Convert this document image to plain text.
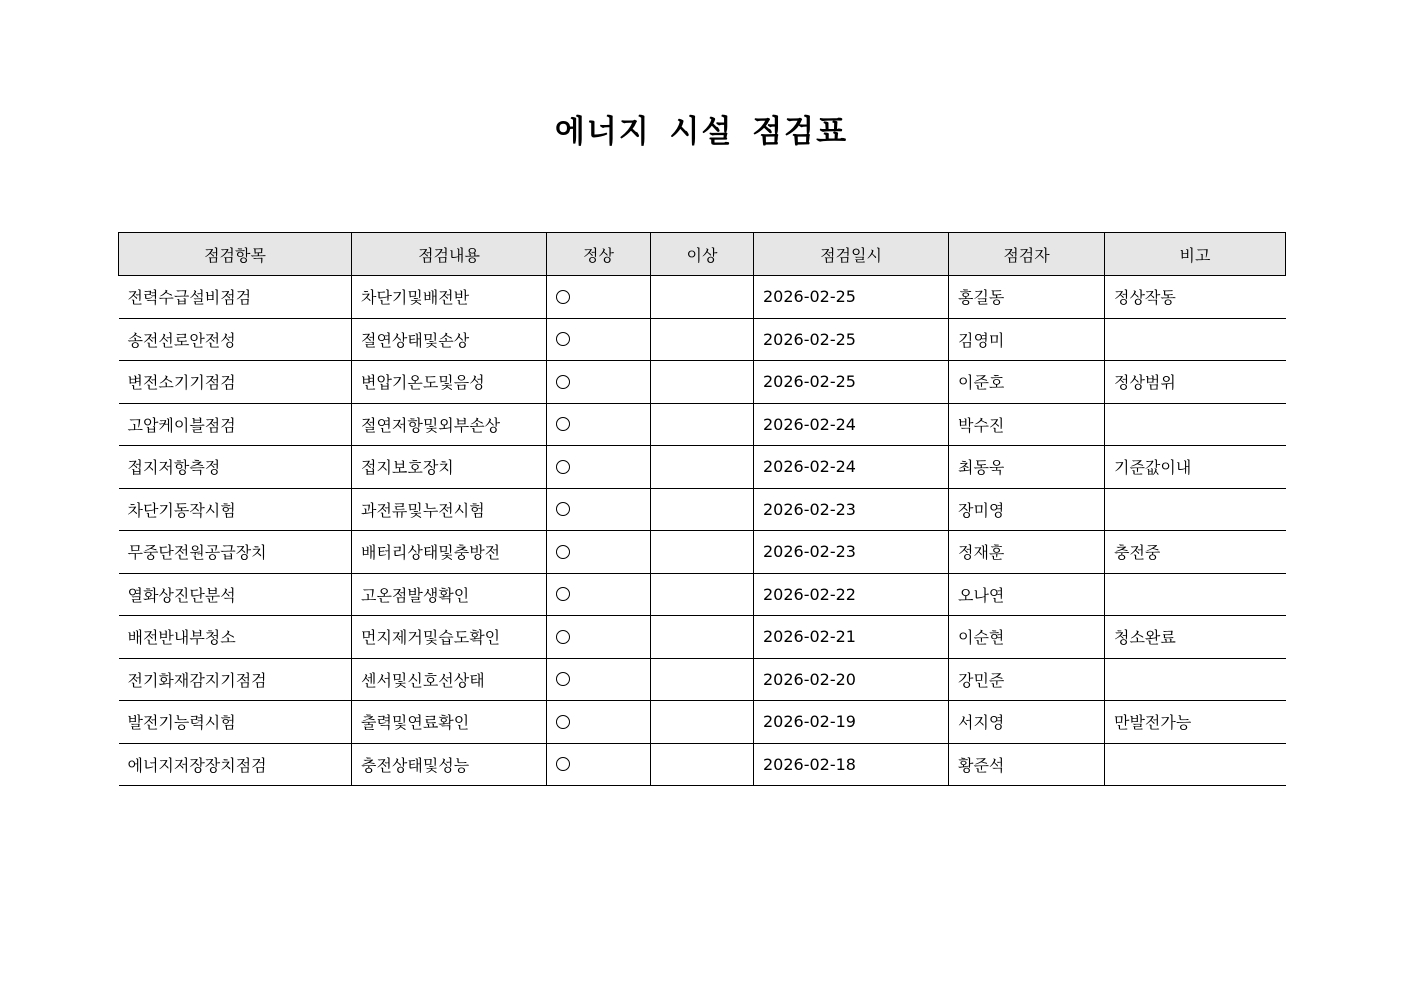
에너지 시설 점검표
점검항목	점검내용	정상	이상	점검일시	점검자	비고
전력수급설비점검	차단기및배전반			2026-02-25	홍길동	정상작동
송전선로안전성	절연상태및손상			2026-02-25	김영미	
변전소기기점검	변압기온도및음성			2026-02-25	이준호	정상범위
고압케이블점검	절연저항및외부손상			2026-02-24	박수진	
접지저항측정	접지보호장치			2026-02-24	최동욱	기준값이내
차단기동작시험	과전류및누전시험			2026-02-23	장미영	
무중단전원공급장치	배터리상태및충방전			2026-02-23	정재훈	충전중
열화상진단분석	고온점발생확인			2026-02-22	오나연	
배전반내부청소	먼지제거및습도확인			2026-02-21	이순현	청소완료
전기화재감지기점검	센서및신호선상태			2026-02-20	강민준	
발전기능력시험	출력및연료확인			2026-02-19	서지영	만발전가능
에너지저장장치점검	충전상태및성능			2026-02-18	황준석	
